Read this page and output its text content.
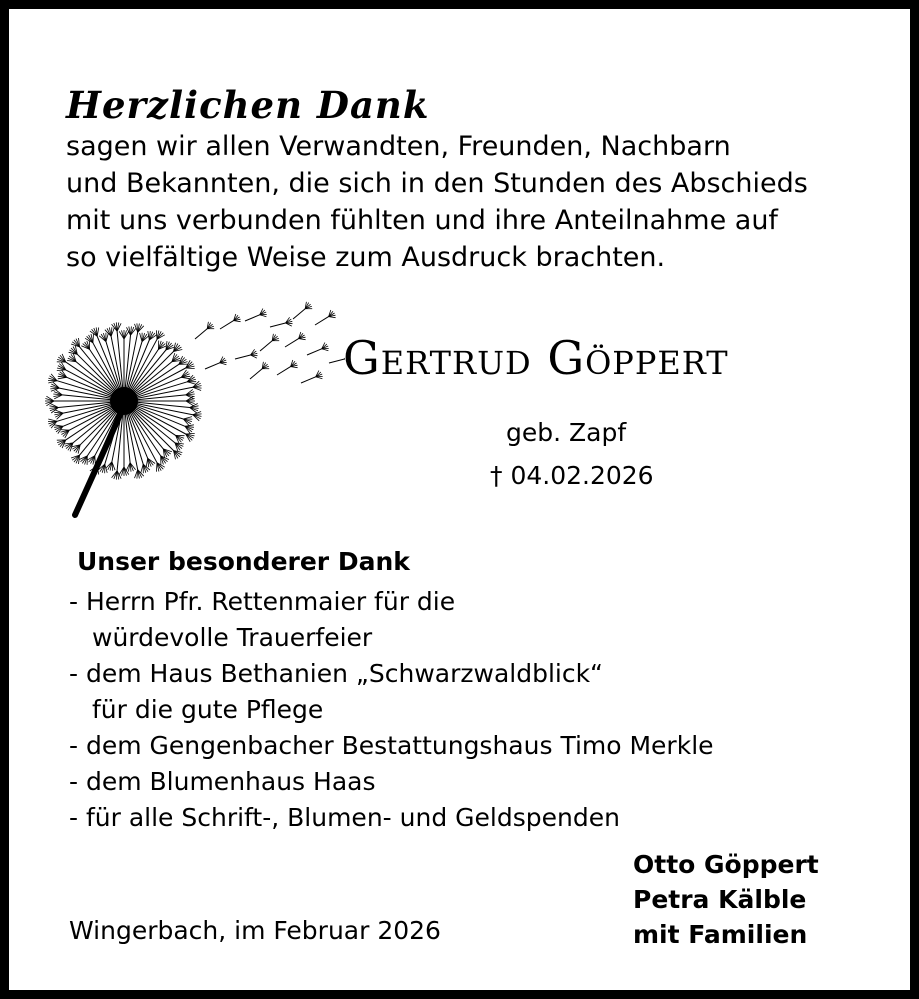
Herzlichen Dank

sagen wir allen Verwandten, Freunden, Nachbarn
und Bekannten, die sich in den Stunden des Abschieds
mit uns verbunden fühlten und ihre Anteilnahme auf
so vielfältige Weise zum Ausdruck brachten.

Gertrud Göppert

geb. Zapf

† 04.02.2026

Unser besonderer Dank

- Herrn Pfr. Rettenmaier für die
würdevolle Trauerfeier
- dem Haus Bethanien „Schwarzwaldblick“
für die gute Pflege
- dem Gengenbacher Bestattungshaus Timo Merkle
- dem Blumenhaus Haas
- für alle Schrift-, Blumen- und Geldspenden

Wingerbach, im Februar 2026

Otto Göppert
Petra Kälble
mit Familien
